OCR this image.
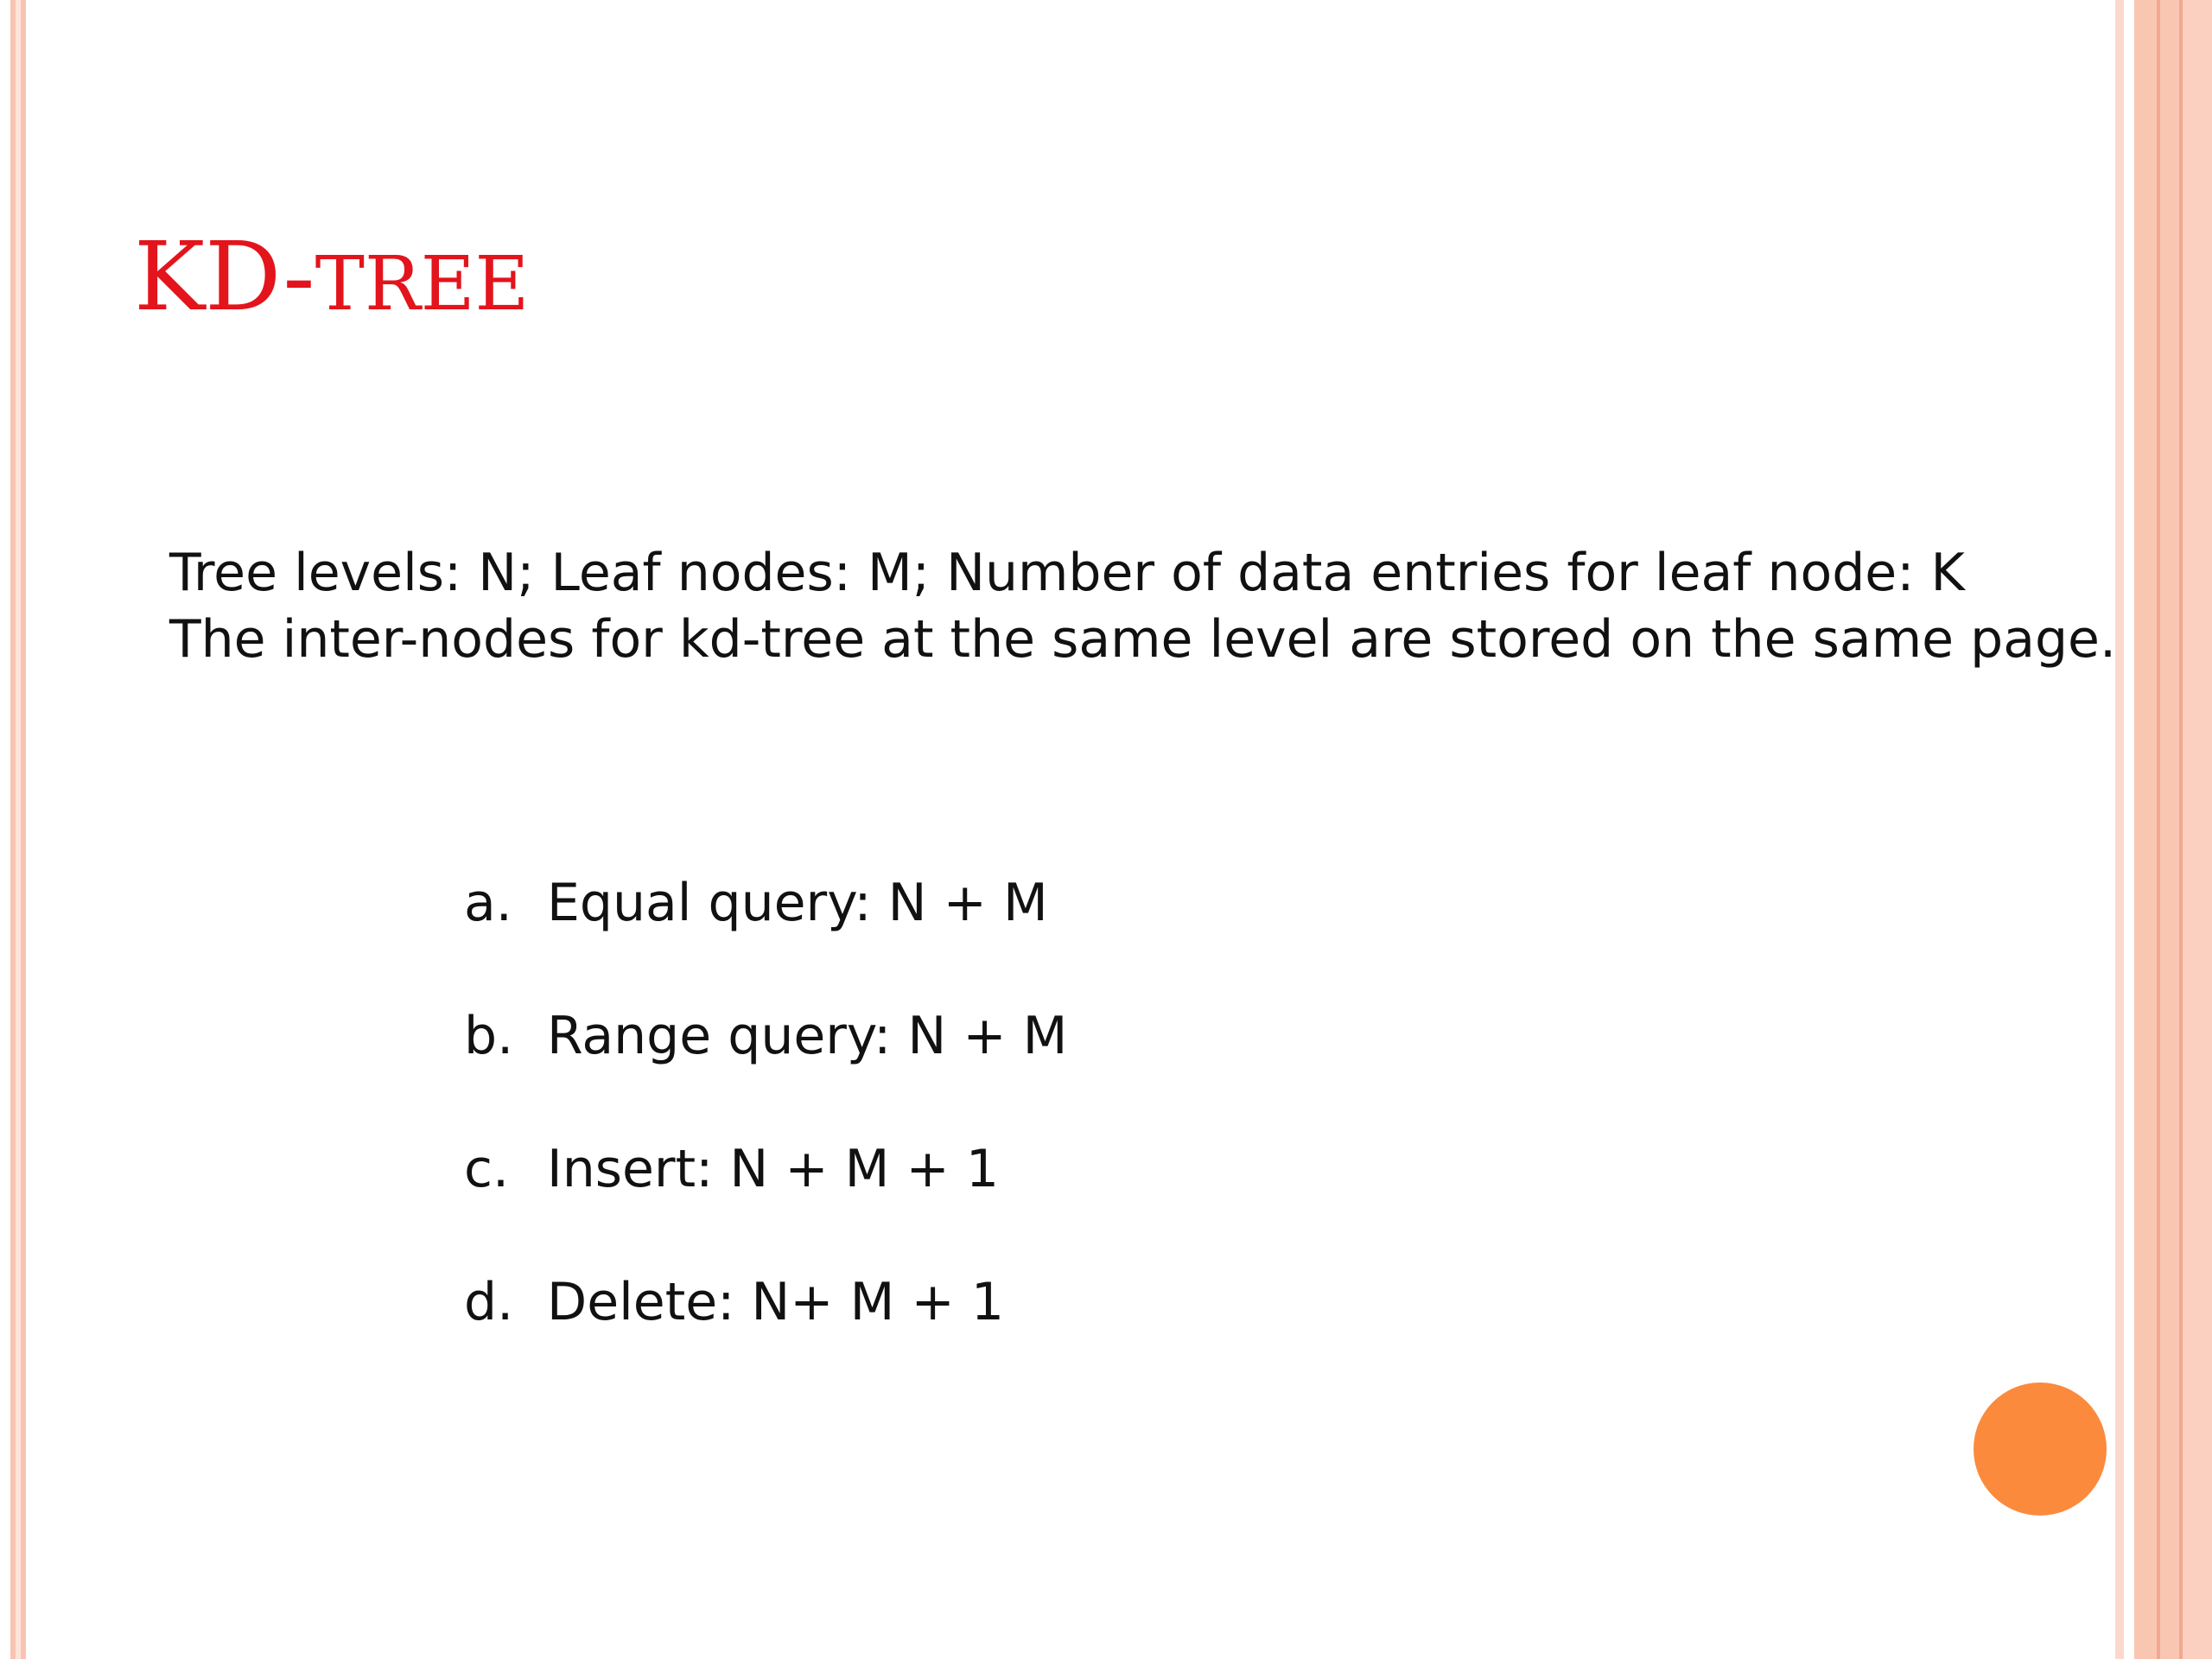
KD-TREE
Tree levels: N; Leaf nodes: M; Number of data entries for leaf node: K
The inter-nodes for kd-tree at the same level are stored on the same page.
a. Equal query: N + M
b. Range query: N + M
c. Insert: N + M + 1
d. Delete: N+ M + 1
